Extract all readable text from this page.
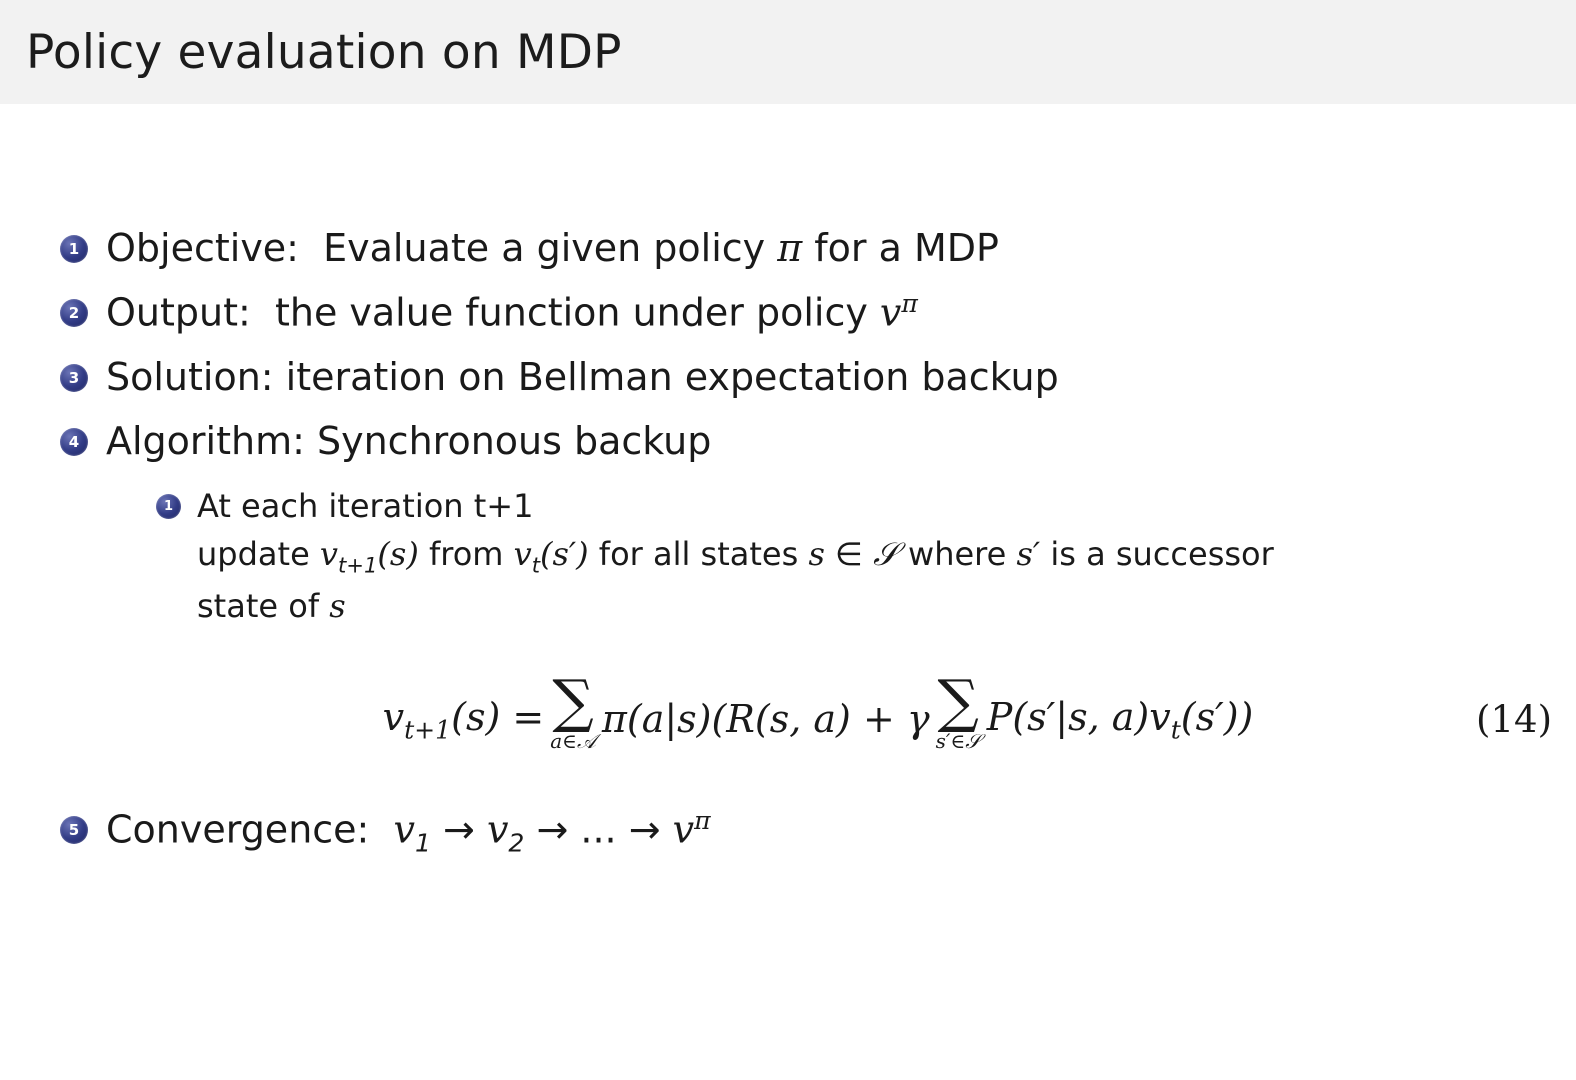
Policy evaluation on MDP
1 Objective:  Evaluate a given policy π for a MDP
2 Output:  the value function under policy $v^\pi$
3 Solution: iteration on Bellman expectation backup
4 Algorithm: Synchronous backup
1 At each iteration t+1
update $v_{t+1}(s)$ from $v_t(s')$ for all states s ∈ 𝒮 where s′ is a successor
state of s
$v_{t+1}(s)$ = ∑
a∈𝒜 π(a|s)(R(s, a) + γ ∑
s′∈𝒮
P(s′|s, $a)v_t(s')$)	(14)
5 Convergence:  $v_1 \to v_2$ → ... → $v^\pi$
